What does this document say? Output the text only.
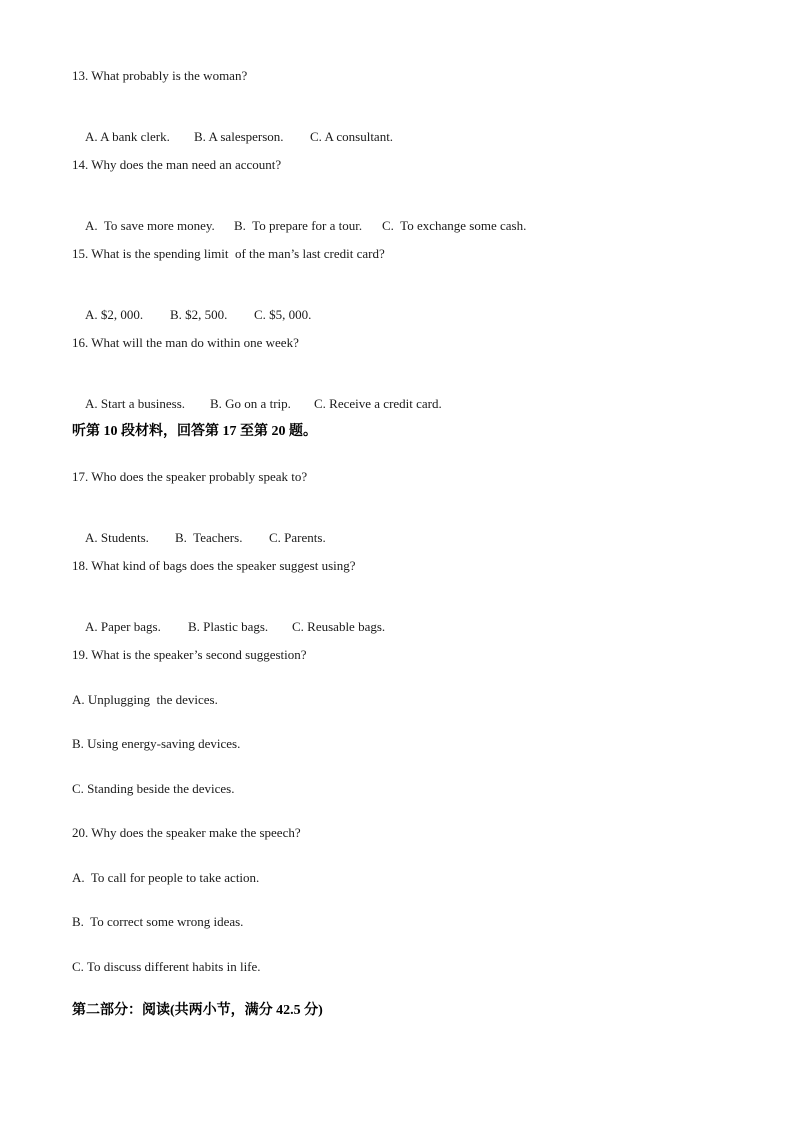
13. What probably is the woman?

A. A bank clerk. B. A salesperson. C. A consultant.

14. Why does the man need an account?

A.  To save more money. B.  To prepare for a tour. C.  To exchange some cash.

15. What is the spending limit  of the man’s last credit card?

A. $2, 000. B. $2, 500. C. $5, 000.

16. What will the man do within one week?

A. Start a business. B. Go on a trip. C. Receive a credit card.

听第 10 段材料，回答第 17 至第 20 题。
17. Who does the speaker probably speak to?

A. Students. B.  Teachers. C. Parents.

18. What kind of bags does the speaker suggest using?

A. Paper bags. B. Plastic bags. C. Reusable bags.

19. What is the speaker’s second suggestion?
A. Unplugging  the devices.
B. Using energy-saving devices.
C. Standing beside the devices.
20. Why does the speaker make the speech?
A.  To call for people to take action.
B.  To correct some wrong ideas.
C. To discuss different habits in life.
第二部分：阅读(共两小节，满分 42.5 分)
